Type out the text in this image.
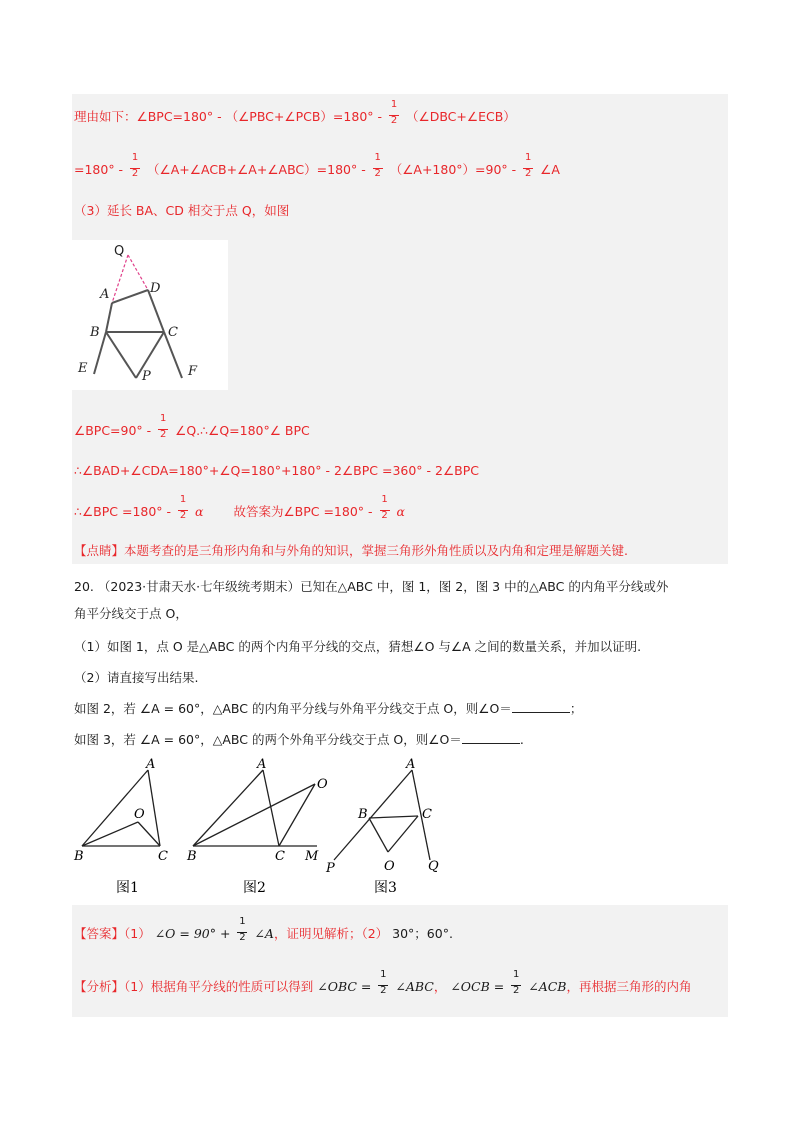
理由如下：∠BPC=180° - （∠PBC+∠PCB）=180° - $\frac{1}{2}$ （∠DBC+∠ECB）
$=180^\circ - \frac{1}{2}$ （∠A+∠ACB+∠A+∠ABC）=180° - $\frac{1}{2}$ （∠A+180°）=90° - $\frac{1}{2}$ ∠A
（3）延长 BA、CD 相交于点 Q，如图
Q
A	D
B	C
E
P	F
∠BPC=90° - $\frac{1}{2}$ ∠Q.∴∠Q=180°∠ BPC
∴∠BAD+∠CDA=180°+∠Q=180°+180° - 2∠BPC =360° - 2∠BPC
∴∠BPC $=180^\circ - \frac{1}{2}$ α 故答案为∠BPC $=180^\circ - \frac{1}{2}$ α
【点睛】本题考查的是三角形内角和与外角的知识，掌握三角形外角性质以及内角和定理是解题关键.
20. （2023·甘肃天水·七年级统考期末）已知在△ABC 中，图 1，图 2，图 3 中的△ABC 的内角平分线或外
角平分线交于点 O，
（1）如图 1，点 O 是△ABC 的两个内角平分线的交点，猜想∠O 与∠A 之间的数量关系，并加以证明.
（2）请直接写出结果.
如图 2，若 ∠A = 60°，△ABC 的内角平分线与外角平分线交于点 O，则∠O＝	；
如图 3，若 ∠A = 60°，△ABC 的两个外角平分线交于点 O，则∠O＝	.
A
O
B	C
图1
A
O
B	C M
图2
A
B	C
P	O	Q
图3
【答案】（1） ∠O = $90^\circ + \frac{1}{2}$ ∠A，证明见解析；（2） 30°；60°.
【分析】（1）根据角平分线的性质可以得到 ∠OBC = $\frac{1}{2}$ ∠ABC， ∠OCB = $\frac{1}{2}$ ∠ACB，再根据三角形的内角
